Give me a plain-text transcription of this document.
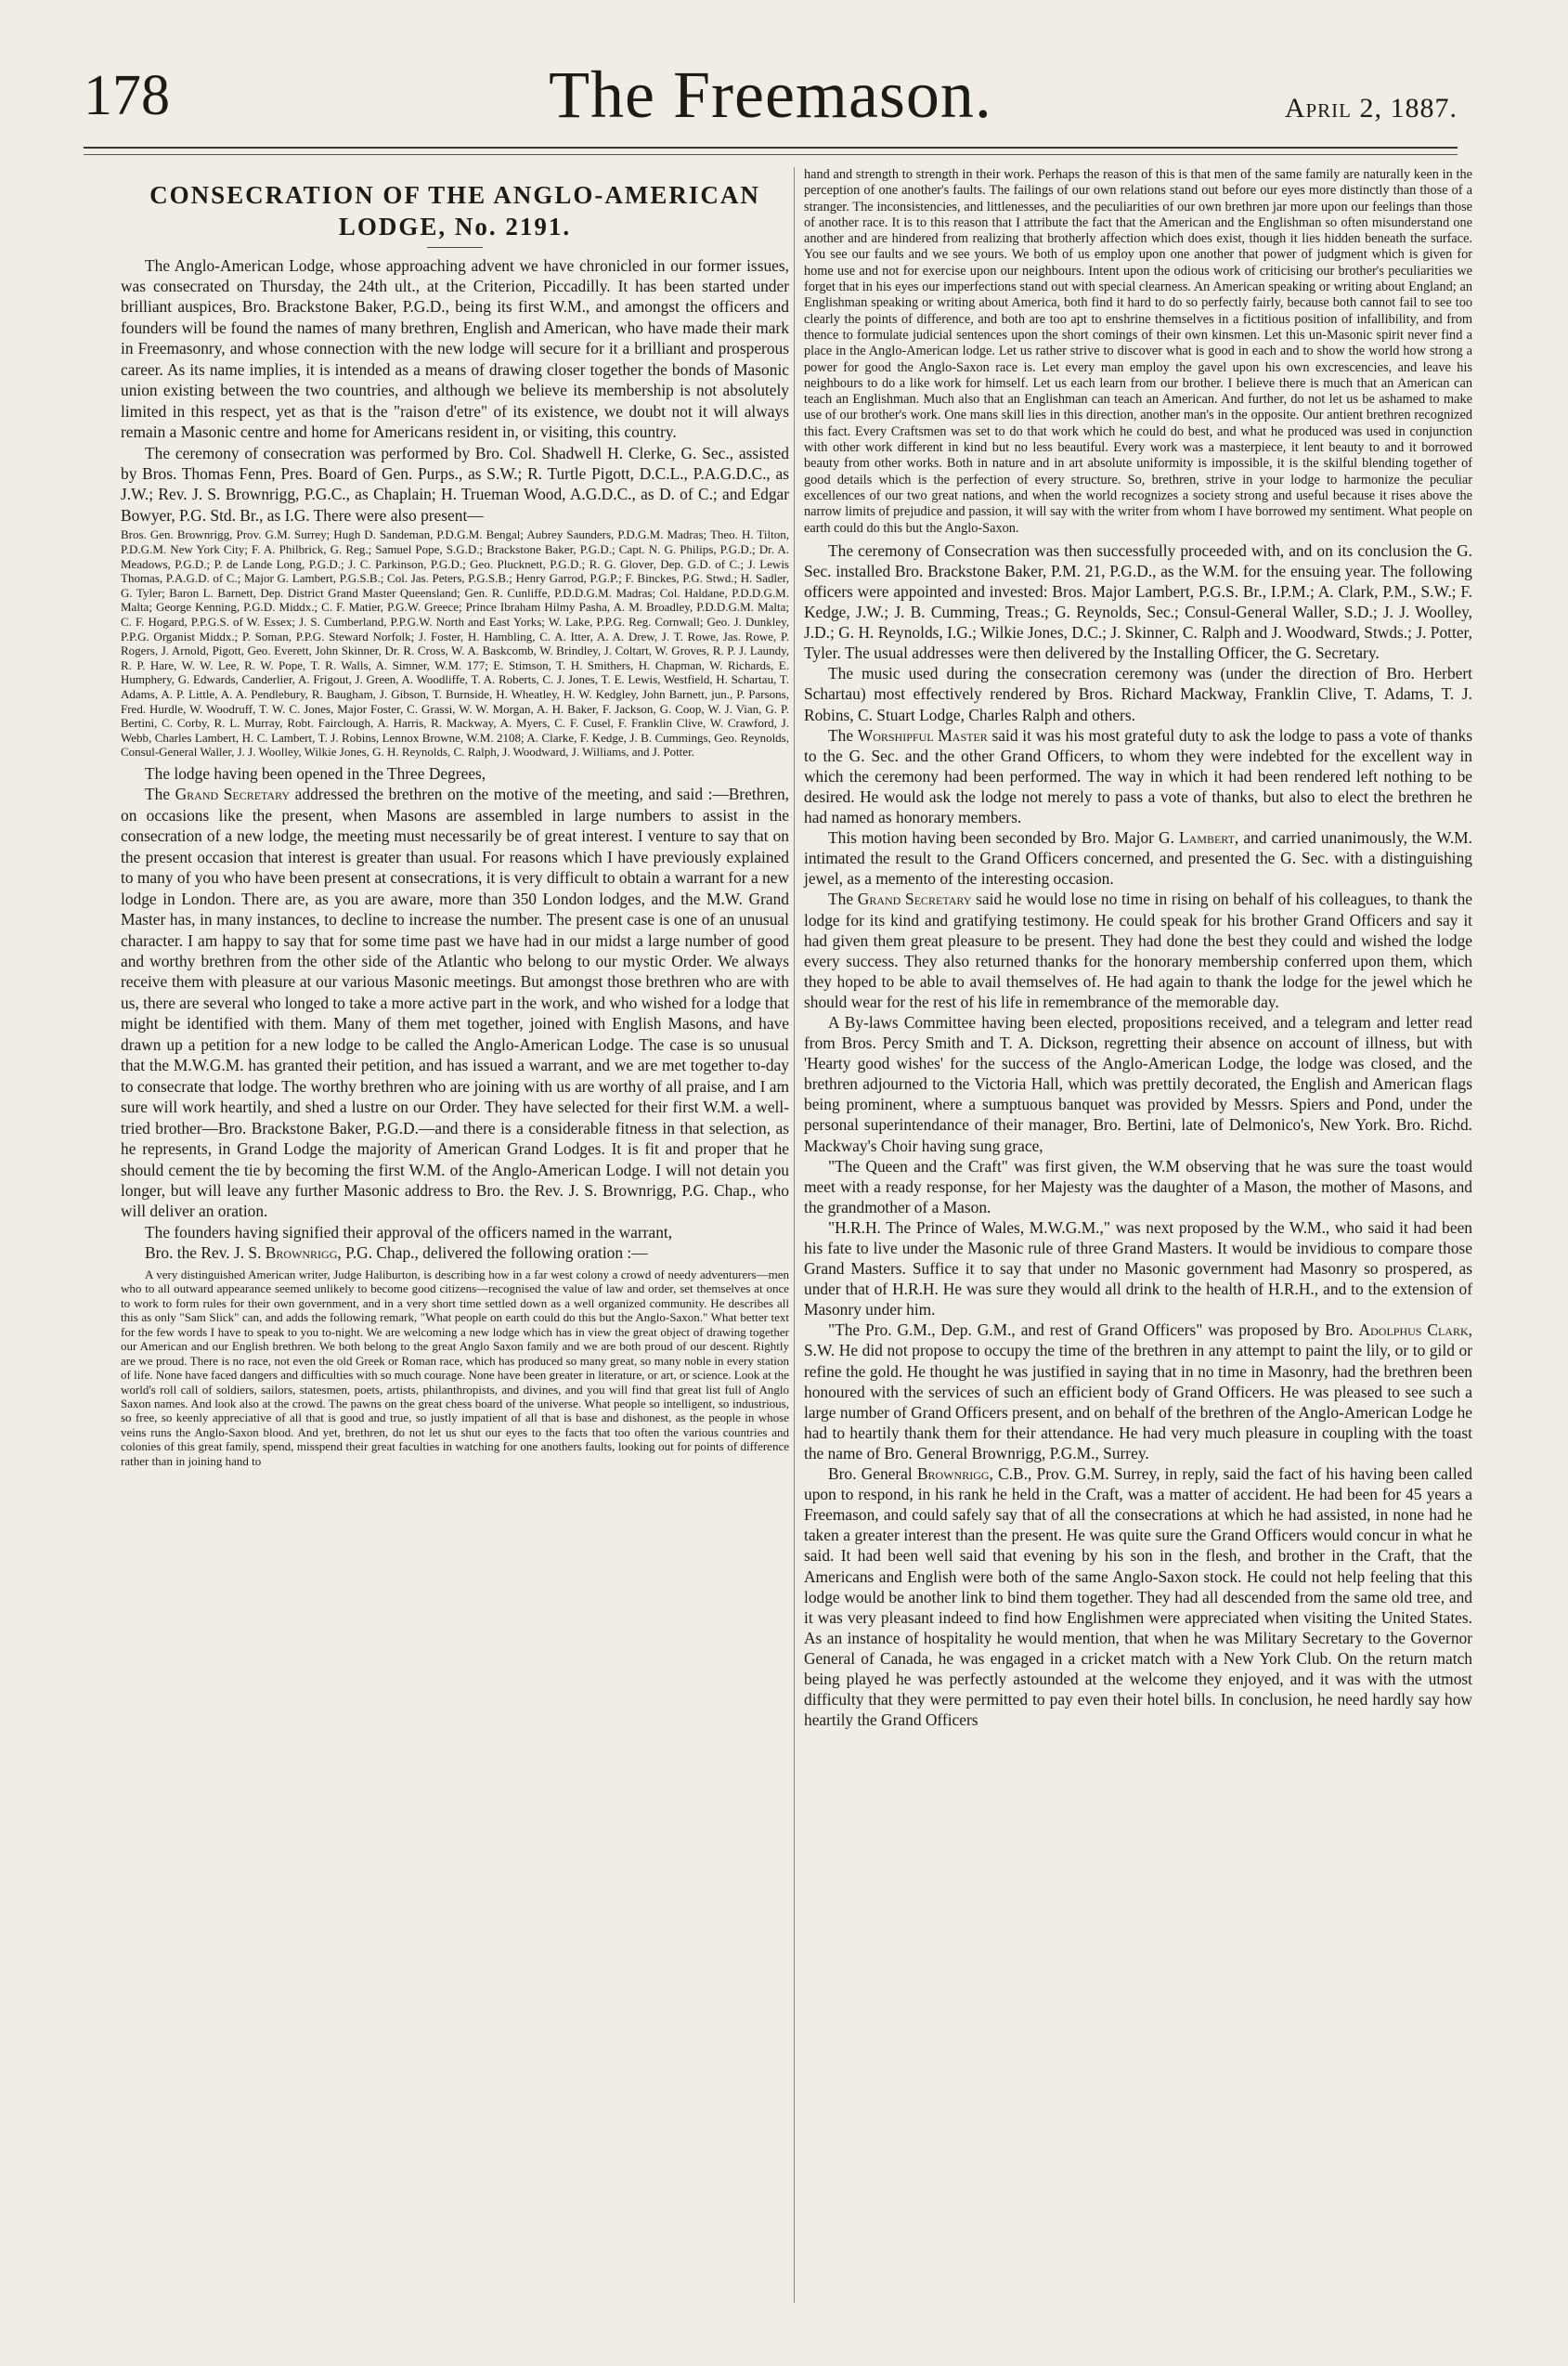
178	The Freemason.	April 2, 1887.
CONSECRATION OF THE ANGLO-AMERICAN
LODGE, No. 2191.

The Anglo-American Lodge, whose approaching advent we have chronicled in our former issues, was consecrated on Thursday, the 24th ult., at the Criterion, Piccadilly. It has been started under brilliant auspices, Bro. Brackstone Baker, P.G.D., being its first W.M., and amongst the officers and founders will be found the names of many brethren, English and American, who have made their mark in Freemasonry, and whose connection with the new lodge will secure for it a brilliant and prosperous career. As its name implies, it is intended as a means of drawing closer together the bonds of Masonic union existing between the two countries, and although we believe its membership is not absolutely limited in this respect, yet as that is the "raison d'etre" of its existence, we doubt not it will always remain a Masonic centre and home for Americans resident in, or visiting, this country.

The ceremony of consecration was performed by Bro. Col. Shadwell H. Clerke, G. Sec., assisted by Bros. Thomas Fenn, Pres. Board of Gen. Purps., as S.W.; R. Turtle Pigott, D.C.L., P.A.G.D.C., as J.W.; Rev. J. S. Brownrigg, P.G.C., as Chaplain; H. Trueman Wood, A.G.D.C., as D. of C.; and Edgar Bowyer, P.G. Std. Br., as I.G. There were also present—

Bros. Gen. Brownrigg, Prov. G.M. Surrey; Hugh D. Sandeman, P.D.G.M. Bengal; Aubrey Saunders, P.D.G.M. Madras; Theo. H. Tilton, P.D.G.M. New York City; F. A. Philbrick, G. Reg.; Samuel Pope, S.G.D.; Brackstone Baker, P.G.D.; Capt. N. G. Philips, P.G.D.; Dr. A. Meadows, P.G.D.; P. de Lande Long, P.G.D.; J. C. Parkinson, P.G.D.; Geo. Plucknett, P.G.D.; R. G. Glover, Dep. G.D. of C.; J. Lewis Thomas, P.A.G.D. of C.; Major G. Lambert, P.G.S.B.; Col. Jas. Peters, P.G.S.B.; Henry Garrod, P.G.P.; F. Binckes, P.G. Stwd.; H. Sadler, G. Tyler; Baron L. Barnett, Dep. District Grand Master Queensland; Gen. R. Cunliffe, P.D.D.G.M. Madras; Col. Haldane, P.D.D.G.M. Malta; George Kenning, P.G.D. Middx.; C. F. Matier, P.G.W. Greece; Prince Ibraham Hilmy Pasha, A. M. Broadley, P.D.D.G.M. Malta; C. F. Hogard, P.P.G.S. of W. Essex; J. S. Cumberland, P.P.G.W. North and East Yorks; W. Lake, P.P.G. Reg. Cornwall; Geo. J. Dunkley, P.P.G. Organist Middx.; P. Soman, P.P.G. Steward Norfolk; J. Foster, H. Hambling, C. A. Itter, A. A. Drew, J. T. Rowe, Jas. Rowe, P. Rogers, J. Arnold, Pigott, Geo. Everett, John Skinner, Dr. R. Cross, W. A. Baskcomb, W. Brindley, J. Coltart, W. Groves, R. P. J. Laundy, R. P. Hare, W. W. Lee, R. W. Pope, T. R. Walls, A. Simner, W.M. 177; E. Stimson, T. H. Smithers, H. Chapman, W. Richards, E. Humphery, G. Edwards, Canderlier, A. Frigout, J. Green, A. Woodliffe, T. A. Roberts, C. J. Jones, T. E. Lewis, Westfield, H. Schartau, T. Adams, A. P. Little, A. A. Pendlebury, R. Baugham, J. Gibson, T. Burnside, H. Wheatley, H. W. Kedgley, John Barnett, jun., P. Parsons, Fred. Hurdle, W. Woodruff, T. W. C. Jones, Major Foster, C. Grassi, W. W. Morgan, A. H. Baker, F. Jackson, G. Coop, W. J. Vian, G. P. Bertini, C. Corby, R. L. Murray, Robt. Fairclough, A. Harris, R. Mackway, A. Myers, C. F. Cusel, F. Franklin Clive, W. Crawford, J. Webb, Charles Lambert, H. C. Lambert, T. J. Robins, Lennox Browne, W.M. 2108; A. Clarke, F. Kedge, J. B. Cummings, Geo. Reynolds, Consul-General Waller, J. J. Woolley, Wilkie Jones, G. H. Reynolds, C. Ralph, J. Woodward, J. Williams, and J. Potter.

The lodge having been opened in the Three Degrees,

The Grand Secretary addressed the brethren on the motive of the meeting, and said :—Brethren, on occasions like the present, when Masons are assembled in large numbers to assist in the consecration of a new lodge, the meeting must necessarily be of great interest. I venture to say that on the present occasion that interest is greater than usual. For reasons which I have previously explained to many of you who have been present at consecrations, it is very difficult to obtain a warrant for a new lodge in London. There are, as you are aware, more than 350 London lodges, and the M.W. Grand Master has, in many instances, to decline to increase the number. The present case is one of an unusual character. I am happy to say that for some time past we have had in our midst a large number of good and worthy brethren from the other side of the Atlantic who belong to our mystic Order. We always receive them with pleasure at our various Masonic meetings. But amongst those brethren who are with us, there are several who longed to take a more active part in the work, and who wished for a lodge that might be identified with them. Many of them met together, joined with English Masons, and have drawn up a petition for a new lodge to be called the Anglo-American Lodge. The case is so unusual that the M.W.G.M. has granted their petition, and has issued a warrant, and we are met together to-day to consecrate that lodge. The worthy brethren who are joining with us are worthy of all praise, and I am sure will work heartily, and shed a lustre on our Order. They have selected for their first W.M. a well-tried brother—Bro. Brackstone Baker, P.G.D.—and there is a considerable fitness in that selection, as he represents, in Grand Lodge the majority of American Grand Lodges. It is fit and proper that he should cement the tie by becoming the first W.M. of the Anglo-American Lodge. I will not detain you longer, but will leave any further Masonic address to Bro. the Rev. J. S. Brownrigg, P.G. Chap., who will deliver an oration.

The founders having signified their approval of the officers named in the warrant,

Bro. the Rev. J. S. Brownrigg, P.G. Chap., delivered the following oration :—

A very distinguished American writer, Judge Haliburton, is describing how in a far west colony a crowd of needy adventurers—men who to all outward appearance seemed unlikely to become good citizens—recognised the value of law and order, set themselves at once to work to form rules for their own government, and in a very short time settled down as a well organized community. He describes all this as only "Sam Slick" can, and adds the following remark, "What people on earth could do this but the Anglo-Saxon." What better text for the few words I have to speak to you to-night. We are welcoming a new lodge which has in view the great object of drawing together our American and our English brethren. We both belong to the great Anglo Saxon family and we are both proud of our descent. Rightly are we proud. There is no race, not even the old Greek or Roman race, which has produced so many great, so many noble in every station of life. None have faced dangers and difficulties with so much courage. None have been greater in literature, or art, or science. Look at the world's roll call of soldiers, sailors, statesmen, poets, artists, philanthropists, and divines, and you will find that great list full of Anglo Saxon names. And look also at the crowd. The pawns on the great chess board of the universe. What people so intelligent, so industrious, so free, so keenly appreciative of all that is good and true, so justly impatient of all that is base and dishonest, as the people in whose veins runs the Anglo-Saxon blood. And yet, brethren, do not let us shut our eyes to the facts that too often the various countries and colonies of this great family, spend, misspend their great faculties in watching for one anothers faults, looking out for points of difference rather than in joining hand to

hand and strength to strength in their work. Perhaps the reason of this is that men of the same family are naturally keen in the perception of one another's faults. The failings of our own relations stand out before our eyes more distinctly than those of a stranger. The inconsistencies, and littlenesses, and the peculiarities of our own brethren jar more upon our feelings than those of another race. It is to this reason that I attribute the fact that the American and the Englishman so often misunderstand one another and are hindered from realizing that brotherly affection which does exist, though it lies hidden beneath the surface. You see our faults and we see yours. We both of us employ upon one another that power of judgment which is given for home use and not for exercise upon our neighbours. Intent upon the odious work of criticising our brother's peculiarities we forget that in his eyes our imperfections stand out with special clearness. An American speaking or writing about England; an Englishman speaking or writing about America, both find it hard to do so perfectly fairly, because both cannot fail to see too clearly the points of difference, and both are too apt to enshrine themselves in a fictitious position of infallibility, and from thence to formulate judicial sentences upon the short comings of their own kinsmen. Let this un-Masonic spirit never find a place in the Anglo-American lodge. Let us rather strive to discover what is good in each and to show the world how strong a power for good the Anglo-Saxon race is. Let every man employ the gavel upon his own excrescencies, and leave his neighbours to do a like work for himself. Let us each learn from our brother. I believe there is much that an American can teach an Englishman. Much also that an Englishman can teach an American. And further, do not let us be ashamed to make use of our brother's work. One mans skill lies in this direction, another man's in the opposite. Our antient brethren recognized this fact. Every Craftsmen was set to do that work which he could do best, and what he produced was used in conjunction with other work different in kind but no less beautiful. Every work was a masterpiece, it lent beauty to and it borrowed beauty from other works. Both in nature and in art absolute uniformity is impossible, it is the skilful blending together of good details which is the perfection of every structure. So, brethren, strive in your lodge to harmonize the peculiar excellences of our two great nations, and when the world recognizes a society strong and useful because it rises above the narrow limits of prejudice and passion, it will say with the writer from whom I have borrowed my sentiment. What people on earth could do this but the Anglo-Saxon.

The ceremony of Consecration was then successfully proceeded with, and on its conclusion the G. Sec. installed Bro. Brackstone Baker, P.M. 21, P.G.D., as the W.M. for the ensuing year. The following officers were appointed and invested: Bros. Major Lambert, P.G.S. Br., I.P.M.; A. Clark, P.M., S.W.; F. Kedge, J.W.; J. B. Cumming, Treas.; G. Reynolds, Sec.; Consul-General Waller, S.D.; J. J. Woolley, J.D.; G. H. Reynolds, I.G.; Wilkie Jones, D.C.; J. Skinner, C. Ralph and J. Woodward, Stwds.; J. Potter, Tyler. The usual addresses were then delivered by the Installing Officer, the G. Secretary.

The music used during the consecration ceremony was (under the direction of Bro. Herbert Schartau) most effectively rendered by Bros. Richard Mackway, Franklin Clive, T. Adams, T. J. Robins, C. Stuart Lodge, Charles Ralph and others.

The Worshipful Master said it was his most grateful duty to ask the lodge to pass a vote of thanks to the G. Sec. and the other Grand Officers, to whom they were indebted for the excellent way in which the ceremony had been performed. The way in which it had been rendered left nothing to be desired. He would ask the lodge not merely to pass a vote of thanks, but also to elect the brethren he had named as honorary members.

This motion having been seconded by Bro. Major G. Lambert, and carried unanimously, the W.M. intimated the result to the Grand Officers concerned, and presented the G. Sec. with a distinguishing jewel, as a memento of the interesting occasion.

The Grand Secretary said he would lose no time in rising on behalf of his colleagues, to thank the lodge for its kind and gratifying testimony. He could speak for his brother Grand Officers and say it had given them great pleasure to be present. They had done the best they could and wished the lodge every success. They also returned thanks for the honorary membership conferred upon them, which they hoped to be able to avail themselves of. He had again to thank the lodge for the jewel which he should wear for the rest of his life in remembrance of the memorable day.

A By-laws Committee having been elected, propositions received, and a telegram and letter read from Bros. Percy Smith and T. A. Dickson, regretting their absence on account of illness, but with 'Hearty good wishes' for the success of the Anglo-American Lodge, the lodge was closed, and the brethren adjourned to the Victoria Hall, which was prettily decorated, the English and American flags being prominent, where a sumptuous banquet was provided by Messrs. Spiers and Pond, under the personal superintendance of their manager, Bro. Bertini, late of Delmonico's, New York. Bro. Richd. Mackway's Choir having sung grace,

"The Queen and the Craft" was first given, the W.M observing that he was sure the toast would meet with a ready response, for her Majesty was the daughter of a Mason, the mother of Masons, and the grandmother of a Mason.

"H.R.H. The Prince of Wales, M.W.G.M.," was next proposed by the W.M., who said it had been his fate to live under the Masonic rule of three Grand Masters. It would be invidious to compare those Grand Masters. Suffice it to say that under no Masonic government had Masonry so prospered, as under that of H.R.H. He was sure they would all drink to the health of H.R.H., and to the extension of Masonry under him.

"The Pro. G.M., Dep. G.M., and rest of Grand Officers" was proposed by Bro. Adolphus Clark, S.W. He did not propose to occupy the time of the brethren in any attempt to paint the lily, or to gild or refine the gold. He thought he was justified in saying that in no time in Masonry, had the brethren been honoured with the services of such an efficient body of Grand Officers. He was pleased to see such a large number of Grand Officers present, and on behalf of the brethren of the Anglo-American Lodge he had to heartily thank them for their attendance. He had very much pleasure in coupling with the toast the name of Bro. General Brownrigg, P.G.M., Surrey.

Bro. General Brownrigg, C.B., Prov. G.M. Surrey, in reply, said the fact of his having been called upon to respond, in his rank he held in the Craft, was a matter of accident. He had been for 45 years a Freemason, and could safely say that of all the consecrations at which he had assisted, in none had he taken a greater interest than the present. He was quite sure the Grand Officers would concur in what he said. It had been well said that evening by his son in the flesh, and brother in the Craft, that the Americans and English were both of the same Anglo-Saxon stock. He could not help feeling that this lodge would be another link to bind them together. They had all descended from the same old tree, and it was very pleasant indeed to find how Englishmen were appreciated when visiting the United States. As an instance of hospitality he would mention, that when he was Military Secretary to the Governor General of Canada, he was engaged in a cricket match with a New York Club. On the return match being played he was perfectly astounded at the welcome they enjoyed, and it was with the utmost difficulty that they were permitted to pay even their hotel bills. In conclusion, he need hardly say how heartily the Grand Officers
